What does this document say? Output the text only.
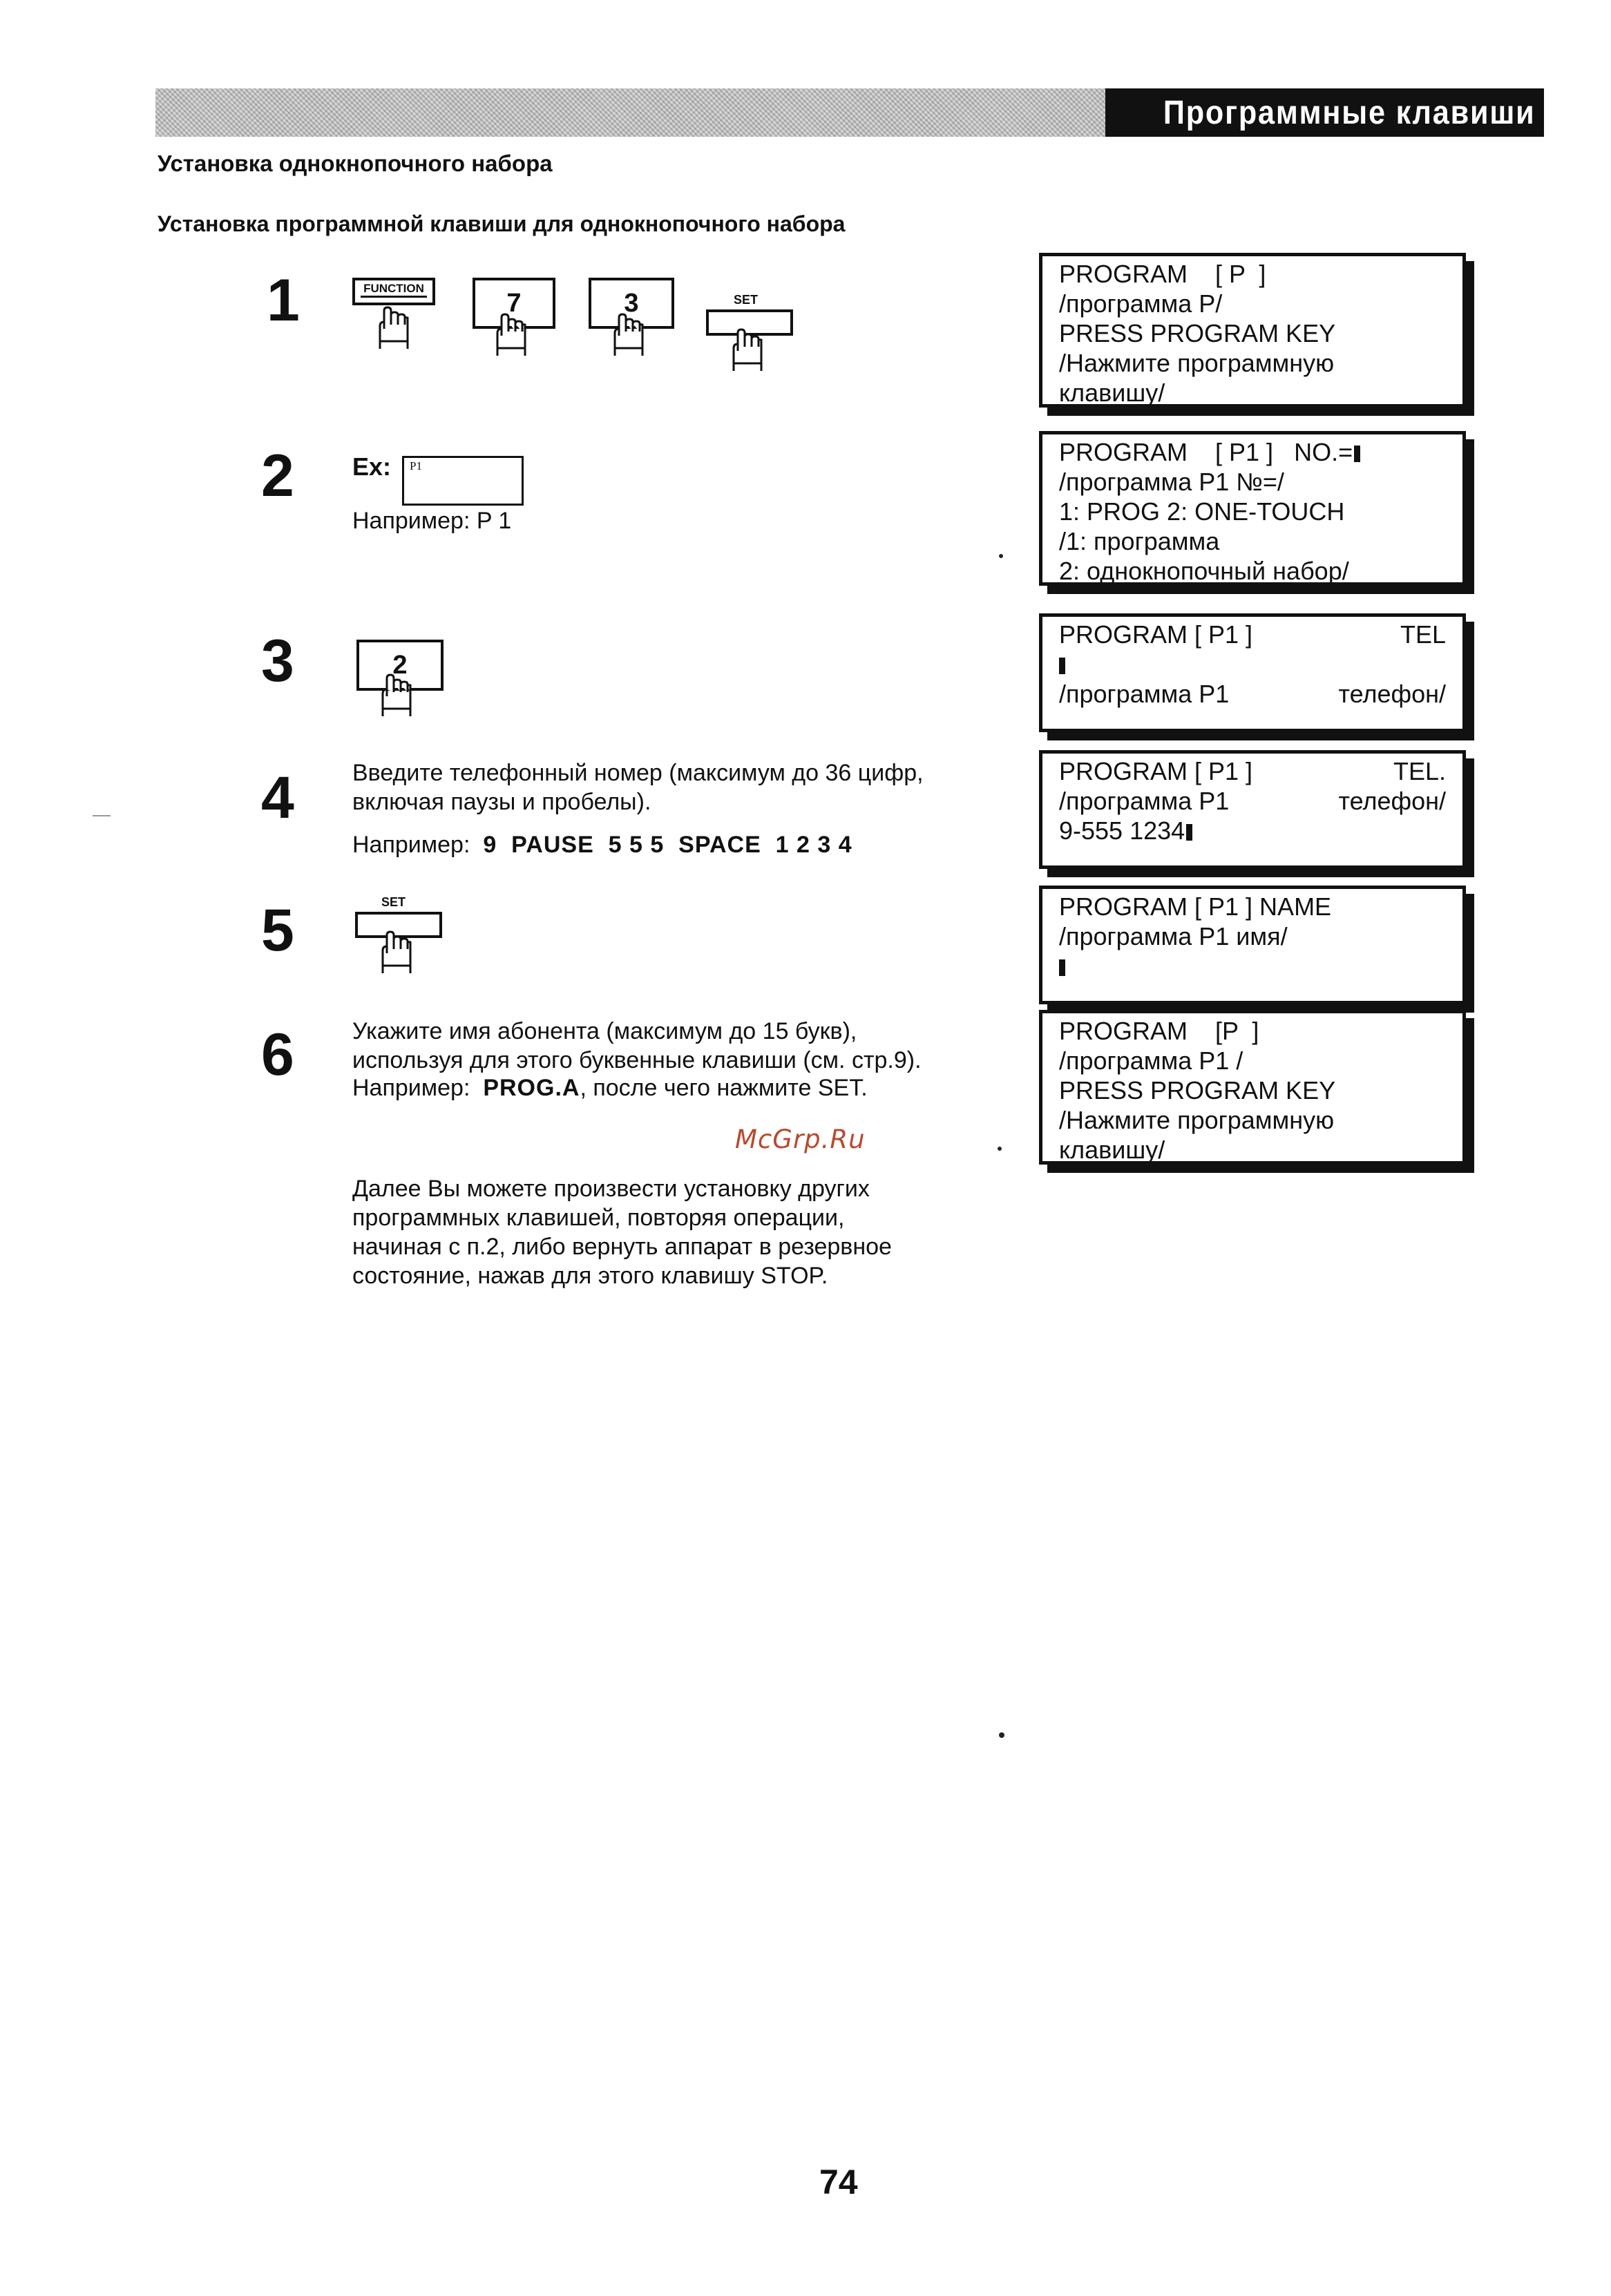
Программные клавиши
Установка однокнопочного набора
Установка программной клавиши для однокнопочного набора
1	FUNCTION	7	3	SET
2 Ex: P1
Например: P 1
3	2
4 Введите телефонный номер (максимум до 36 цифр,
включая паузы и пробелы).
Например: 9  PAUSE  5 5 5  SPACE  1 2 3 4
5	SET
6 Укажите имя абонента (максимум до 15 букв),
используя для этого буквенные клавиши (см. стр.9).
Например: PROG.A, после чего нажмите SET.
McGrp.Ru
Далее Вы можете произвести установку других
программных клавишей, повторяя операции,
начиная с п.2, либо вернуть аппарат в резервное
состояние, нажав для этого клавишу STOP.
PROGRAM    [ P  ]
/программа P/
PRESS PROGRAM KEY
/Нажмите программную
клавишу/
PROGRAM    [ P1 ]   NO.=
/программа P1 №=/
1: PROG 2: ONE-TOUCH
/1: программа
2: однокнопочный набор/
PROGRAM [ P1 ]	TEL
/программа P1	телефон/
PROGRAM [ P1 ]	TEL.
/программа P1	телефон/
9-555 1234
PROGRAM [ P1 ] NAME
/программа P1 имя/
PROGRAM    [P  ]
/программа P1 /
PRESS PROGRAM KEY
/Нажмите программную
клавишу/
74
